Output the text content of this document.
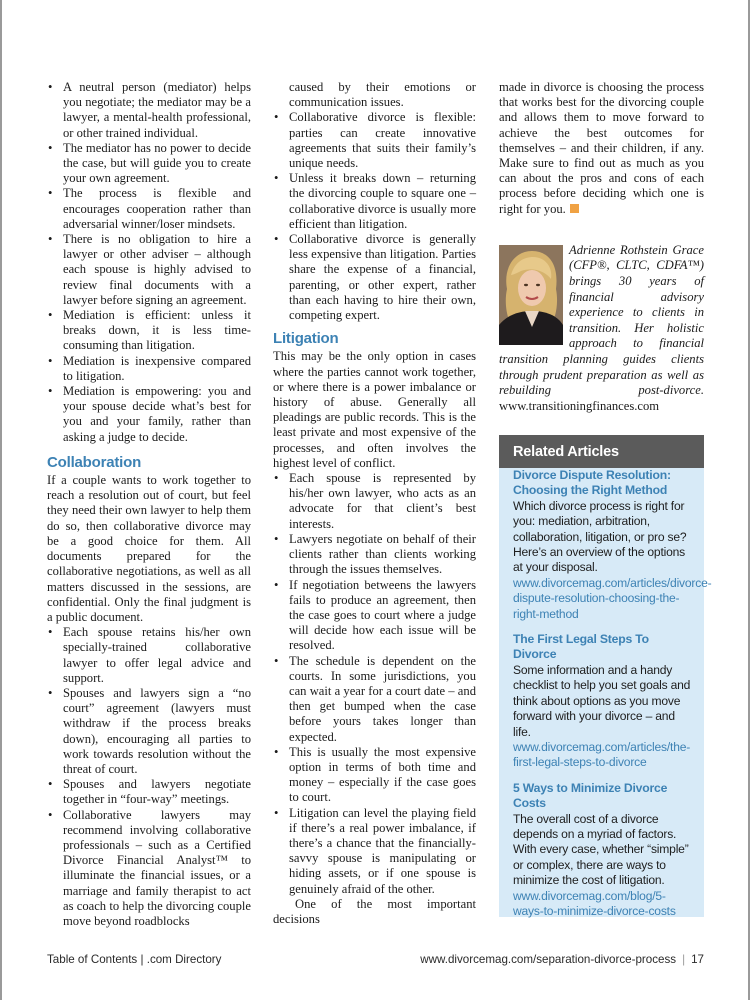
• A neutral person (mediator) helps you negotiate; the mediator may be a lawyer, a mental-health professional, or other trained individual.
• The mediator has no power to decide the case, but will guide you to create your own agreement.
• The process is flexible and encourages cooperation rather than adversarial winner/loser mindsets.
• There is no obligation to hire a lawyer or other adviser – although each spouse is highly advised to review final documents with a lawyer before signing an agreement.
• Mediation is efficient: unless it breaks down, it is less time-consuming than litigation.
• Mediation is inexpensive compared to litigation.
• Mediation is empowering: you and your spouse decide what’s best for you and your family, rather than asking a judge to decide.
Collaboration

If a couple wants to work together to reach a resolution out of court, but feel they need their own lawyer to help them do so, then collaborative divorce may be a good choice for them. All documents prepared for the collaborative negotiations, as well as all matters discussed in the sessions, are confidential. Only the final judgment is a public document.

• Each spouse retains his/her own specially-trained collaborative lawyer to offer legal advice and support.
• Spouses and lawyers sign a “no court” agreement (lawyers must withdraw if the process breaks down), encouraging all parties to work towards resolution without the threat of court.
• Spouses and lawyers negotiate together in “four-way” meetings.
• Collaborative lawyers may recommend involving collaborative professionals – such as a Certified Divorce Financial Analyst™ to illuminate the financial issues, or a marriage and family therapist to act as coach to help the divorcing couple move beyond roadblocks

caused by their emotions or communication issues.

• Collaborative divorce is flexible: parties can create innovative agreements that suits their family’s unique needs.
• Unless it breaks down – returning the divorcing couple to square one – collaborative divorce is usually more efficient than litigation.
• Collaborative divorce is generally less expensive than litigation. Parties share the expense of a financial, parenting, or other expert, rather than each having to hire their own, competing expert.
Litigation

This may be the only option in cases where the parties cannot work together, or where there is a power imbalance or history of abuse. Generally all pleadings are public records. This is the least private and most expensive of the processes, and often involves the highest level of conflict.

• Each spouse is represented by his/her own lawyer, who acts as an advocate for that client’s best interests.
• Lawyers negotiate on behalf of their clients rather than clients working through the issues themselves.
• If negotiation betweens the lawyers fails to produce an agreement, then the case goes to court where a judge will decide how each issue will be resolved.
• The schedule is dependent on the courts. In some jurisdictions, you can wait a year for a court date – and then get bumped when the case before yours takes longer than expected.
• This is usually the most expensive option in terms of both time and money – especially if the case goes to court.
• Litigation can level the playing field if there’s a real power imbalance, if there’s a chance that the financially-savvy spouse is manipulating or hiding assets, or if one spouse is genuinely afraid of the other.

One of the most important decisions

made in divorce is choosing the process that works best for the divorcing couple and allows them to move forward to achieve the best outcomes for themselves – and their children, if any. Make sure to find out as much as you can about the pros and cons of each process before deciding which one is right for you.

Adrienne Rothstein Grace (CFP®, CLTC, CDFA™) brings 30 years of financial advisory experience to clients in transition. Her holistic approach to financial transition planning guides clients through prudent preparation as well as rebuilding post-divorce. www.transitioningfinances.com
Related Articles
Divorce Dispute Resolution: Choosing the Right Method
Which divorce process is right for you: mediation, arbitration, collaboration, litigation, or pro se? Here’s an overview of the options at your disposal.
www.divorcemag.com/articles/divorce-dispute-resolution-choosing-the-right-method
The First Legal Steps To Divorce
Some information and a handy checklist to help you set goals and think about options as you move forward with your divorce – and life.
www.divorcemag.com/articles/the-first-legal-steps-to-divorce
5 Ways to Minimize Divorce Costs
The overall cost of a divorce depends on a myriad of factors. With every case, whether “simple” or complex, there are ways to minimize the cost of litigation.
www.divorcemag.com/blog/5-ways-to-minimize-divorce-costs
Table of Contents | .com Directory	www.divorcemag.com/separation-divorce-process | 17
